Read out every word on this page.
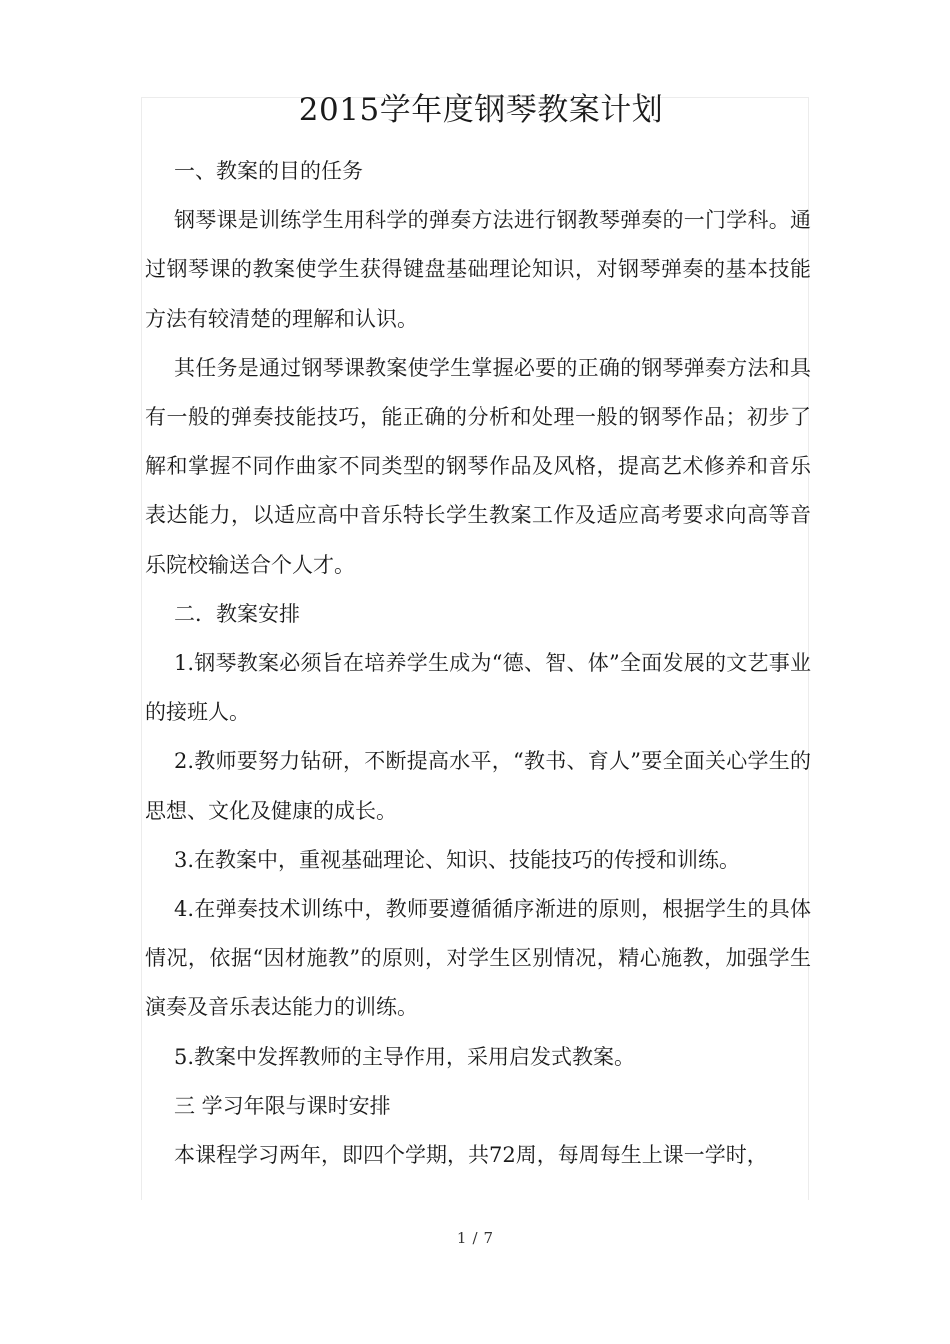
2015学年度钢琴教案计划

一、教案的目的任务

钢琴课是训练学生用科学的弹奏方法进行钢教琴弹奏的一门学科。通过钢琴课的教案使学生获得键盘基础理论知识，对钢琴弹奏的基本技能方法有较清楚的理解和认识。

其任务是通过钢琴课教案使学生掌握必要的正确的钢琴弹奏方法和具有一般的弹奏技能技巧，能正确的分析和处理一般的钢琴作品；初步了解和掌握不同作曲家不同类型的钢琴作品及风格，提高艺术修养和音乐表达能力，以适应高中音乐特长学生教案工作及适应高考要求向高等音乐院校输送合个人才。

二．教案安排

1.钢琴教案必须旨在培养学生成为“德、智、体”全面发展的文艺事业的接班人。

2.教师要努力钻研，不断提高水平，“教书、育人”要全面关心学生的思想、文化及健康的成长。

3.在教案中，重视基础理论、知识、技能技巧的传授和训练。

4.在弹奏技术训练中，教师要遵循循序渐进的原则，根据学生的具体情况，依据“因材施教”的原则，对学生区别情况，精心施教，加强学生演奏及音乐表达能力的训练。

5.教案中发挥教师的主导作用，采用启发式教案。

三 学习年限与课时安排

本课程学习两年，即四个学期，共72周，每周每生上课一学时，

1 / 7
